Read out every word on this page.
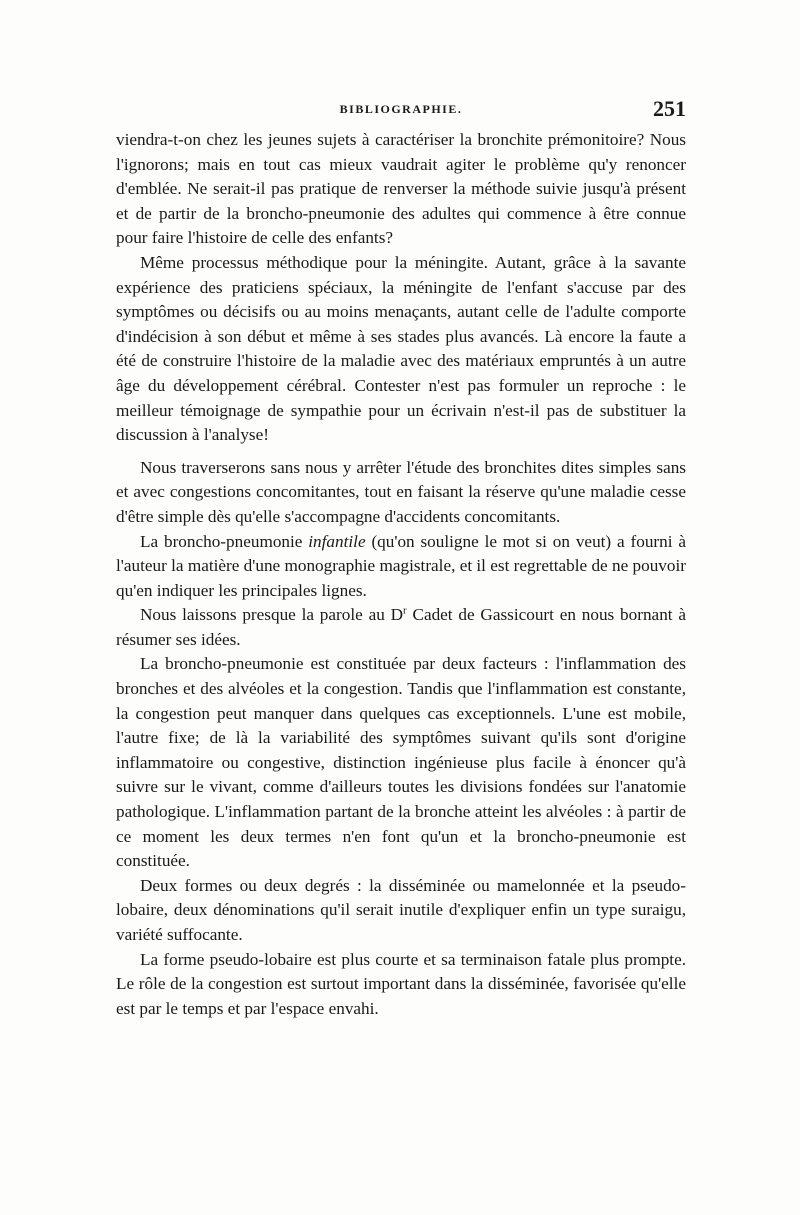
BIBLIOGRAPHIE.	251

viendra-t-on chez les jeunes sujets à caractériser la bronchite prémonitoire? Nous l'ignorons; mais en tout cas mieux vaudrait agiter le problème qu'y renoncer d'emblée. Ne serait-il pas pratique de renverser la méthode suivie jusqu'à présent et de partir de la broncho-pneumonie des adultes qui commence à être connue pour faire l'histoire de celle des enfants?

Même processus méthodique pour la méningite. Autant, grâce à la savante expérience des praticiens spéciaux, la méningite de l'enfant s'accuse par des symptômes ou décisifs ou au moins menaçants, autant celle de l'adulte comporte d'indécision à son début et même à ses stades plus avancés. Là encore la faute a été de construire l'histoire de la maladie avec des matériaux empruntés à un autre âge du développement cérébral. Contester n'est pas formuler un reproche : le meilleur témoignage de sympathie pour un écrivain n'est-il pas de substituer la discussion à l'analyse!

Nous traverserons sans nous y arrêter l'étude des bronchites dites simples sans et avec congestions concomitantes, tout en faisant la réserve qu'une maladie cesse d'être simple dès qu'elle s'accompagne d'accidents concomitants.

La broncho-pneumonie infantile (qu'on souligne le mot si on veut) a fourni à l'auteur la matière d'une monographie magistrale, et il est regrettable de ne pouvoir qu'en indiquer les principales lignes.

Nous laissons presque la parole au $D^r$ Cadet de Gassicourt en nous bornant à résumer ses idées.

La broncho-pneumonie est constituée par deux facteurs : l'inflammation des bronches et des alvéoles et la congestion. Tandis que l'inflammation est constante, la congestion peut manquer dans quelques cas exceptionnels. L'une est mobile, l'autre fixe; de là la variabilité des symptômes suivant qu'ils sont d'origine inflammatoire ou congestive, distinction ingénieuse plus facile à énoncer qu'à suivre sur le vivant, comme d'ailleurs toutes les divisions fondées sur l'anatomie pathologique. L'inflammation partant de la bronche atteint les alvéoles : à partir de ce moment les deux termes n'en font qu'un et la broncho-pneumonie est constituée.

Deux formes ou deux degrés : la disséminée ou mamelonnée et la pseudo-lobaire, deux dénominations qu'il serait inutile d'expliquer enfin un type suraigu, variété suffocante.

La forme pseudo-lobaire est plus courte et sa terminaison fatale plus prompte. Le rôle de la congestion est surtout important dans la disséminée, favorisée qu'elle est par le temps et par l'espace envahi.
